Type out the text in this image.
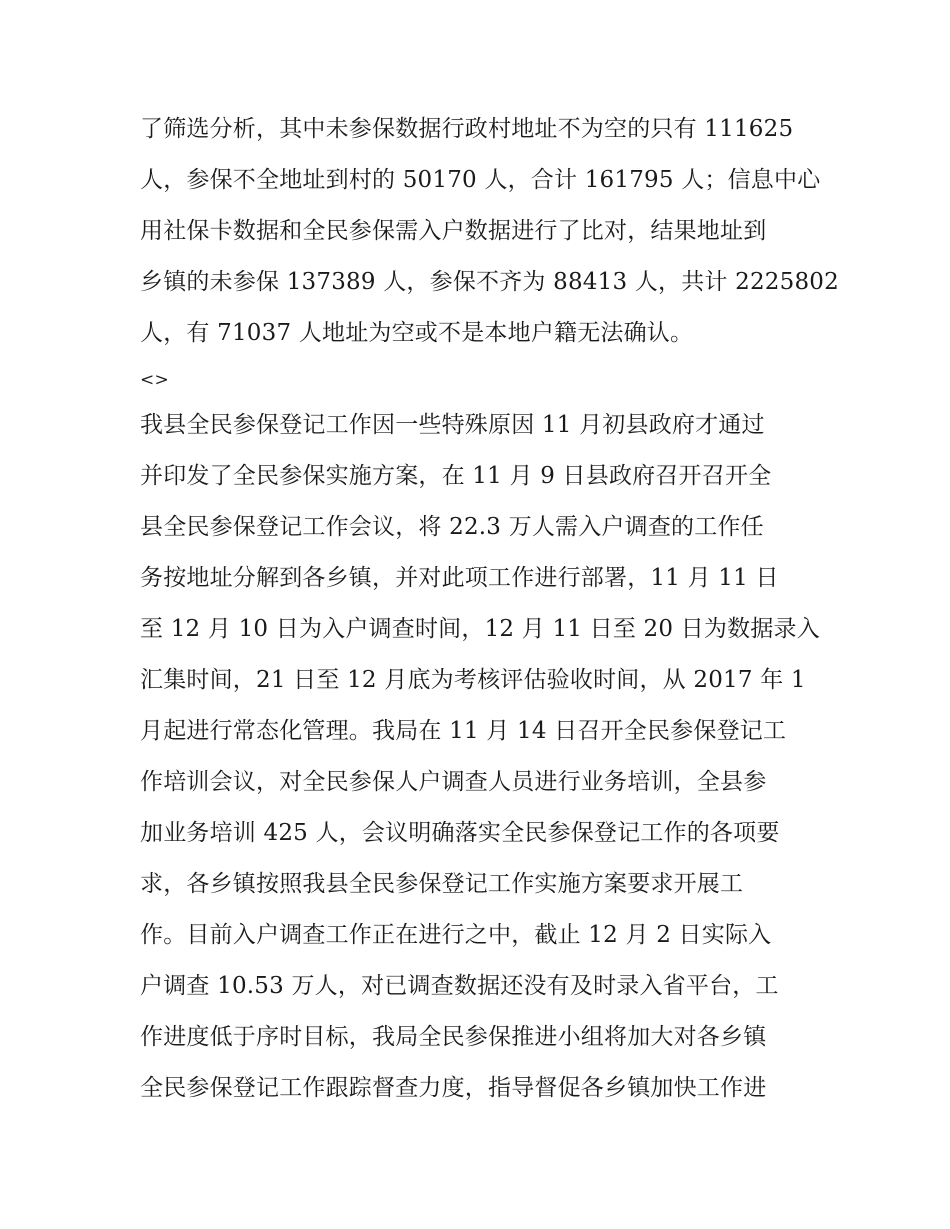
了筛选分析，其中未参保数据行政村地址不为空的只有 111625
人，参保不全地址到村的 50170 人，合计 161795 人；信息中心
用社保卡数据和全民参保需入户数据进行了比对，结果地址到
乡镇的未参保 137389 人，参保不齐为 88413 人，共计 2225802
人，有 71037 人地址为空或不是本地户籍无法确认。
<>
我县全民参保登记工作因一些特殊原因 11 月初县政府才通过
并印发了全民参保实施方案，在 11 月 9 日县政府召开召开全
县全民参保登记工作会议，将 22.3 万人需入户调查的工作任
务按地址分解到各乡镇，并对此项工作进行部署，11 月 11 日
至 12 月 10 日为入户调查时间，12 月 11 日至 20 日为数据录入
汇集时间，21 日至 12 月底为考核评估验收时间，从 2017 年 1
月起进行常态化管理。我局在 11 月 14 日召开全民参保登记工
作培训会议，对全民参保人户调查人员进行业务培训，全县参
加业务培训 425 人，会议明确落实全民参保登记工作的各项要
求，各乡镇按照我县全民参保登记工作实施方案要求开展工
作。目前入户调查工作正在进行之中，截止 12 月 2 日实际入
户调查 10.53 万人，对已调查数据还没有及时录入省平台，工
作进度低于序时目标，我局全民参保推进小组将加大对各乡镇
全民参保登记工作跟踪督查力度，指导督促各乡镇加快工作进
